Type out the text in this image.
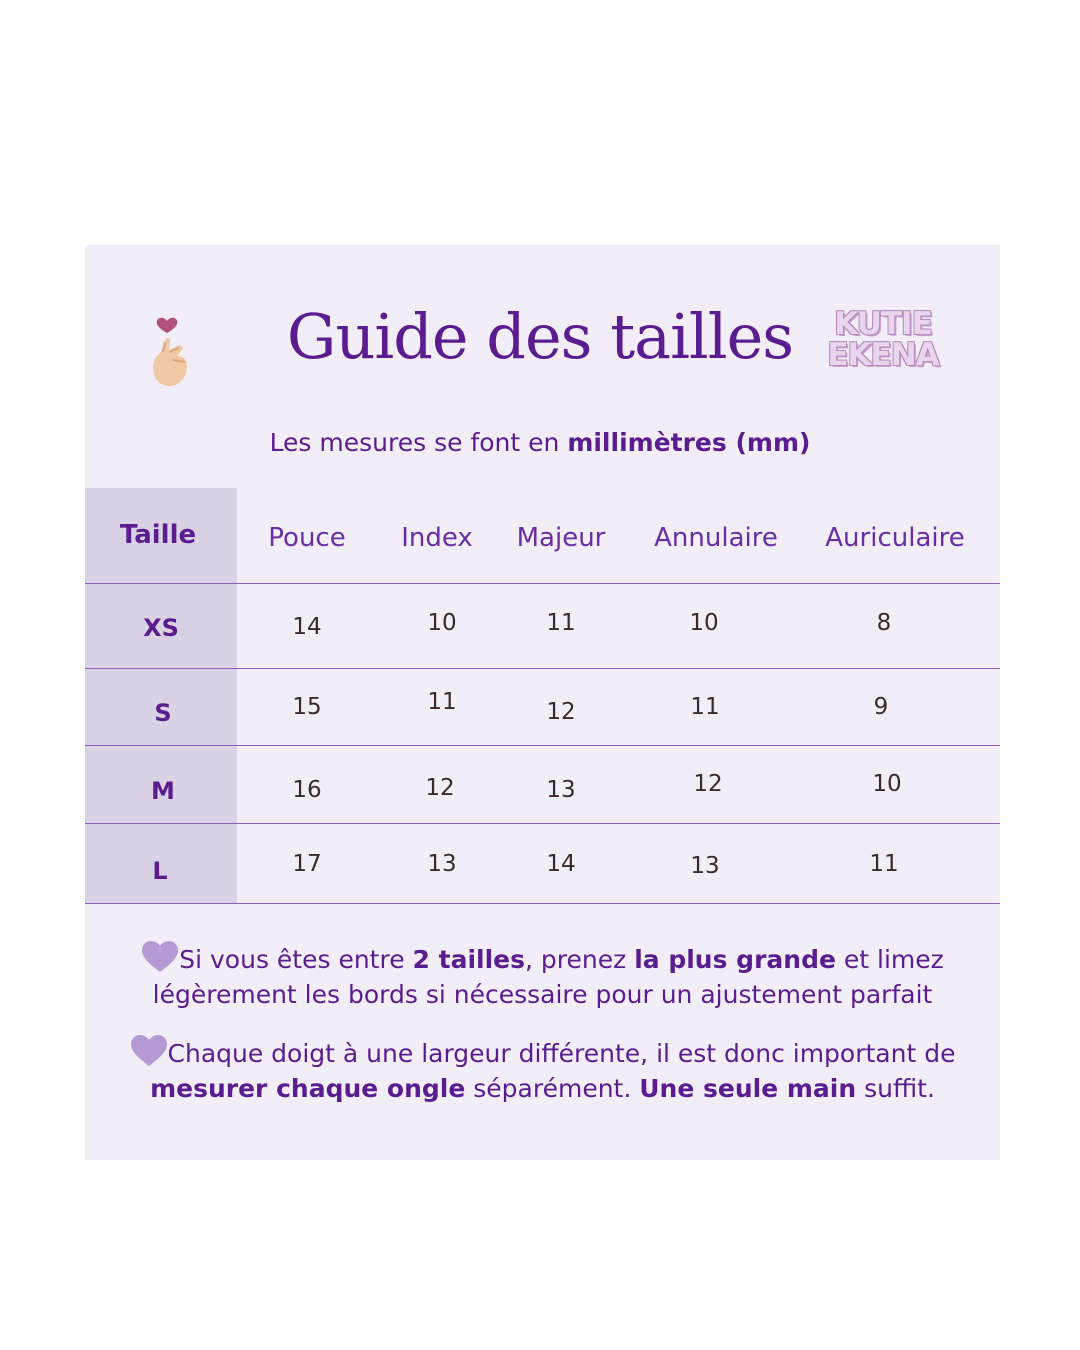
Guide des tailles	KUTIE
EKENA
Les mesures se font en millimètres (mm)
Taille	Pouce Index Majeur Annulaire Auriculaire
XS	14	10	11	10	8
S	15	11	12	11	9
M	16	12	13	12	10
L	17	13	14	13	11
Si vous êtes entre 2 tailles, prenez la plus grande et limez
légèrement les bords si nécessaire pour un ajustement parfait
Chaque doigt à une largeur différente, il est donc important de
mesurer chaque ongle séparément. Une seule main suffit.
